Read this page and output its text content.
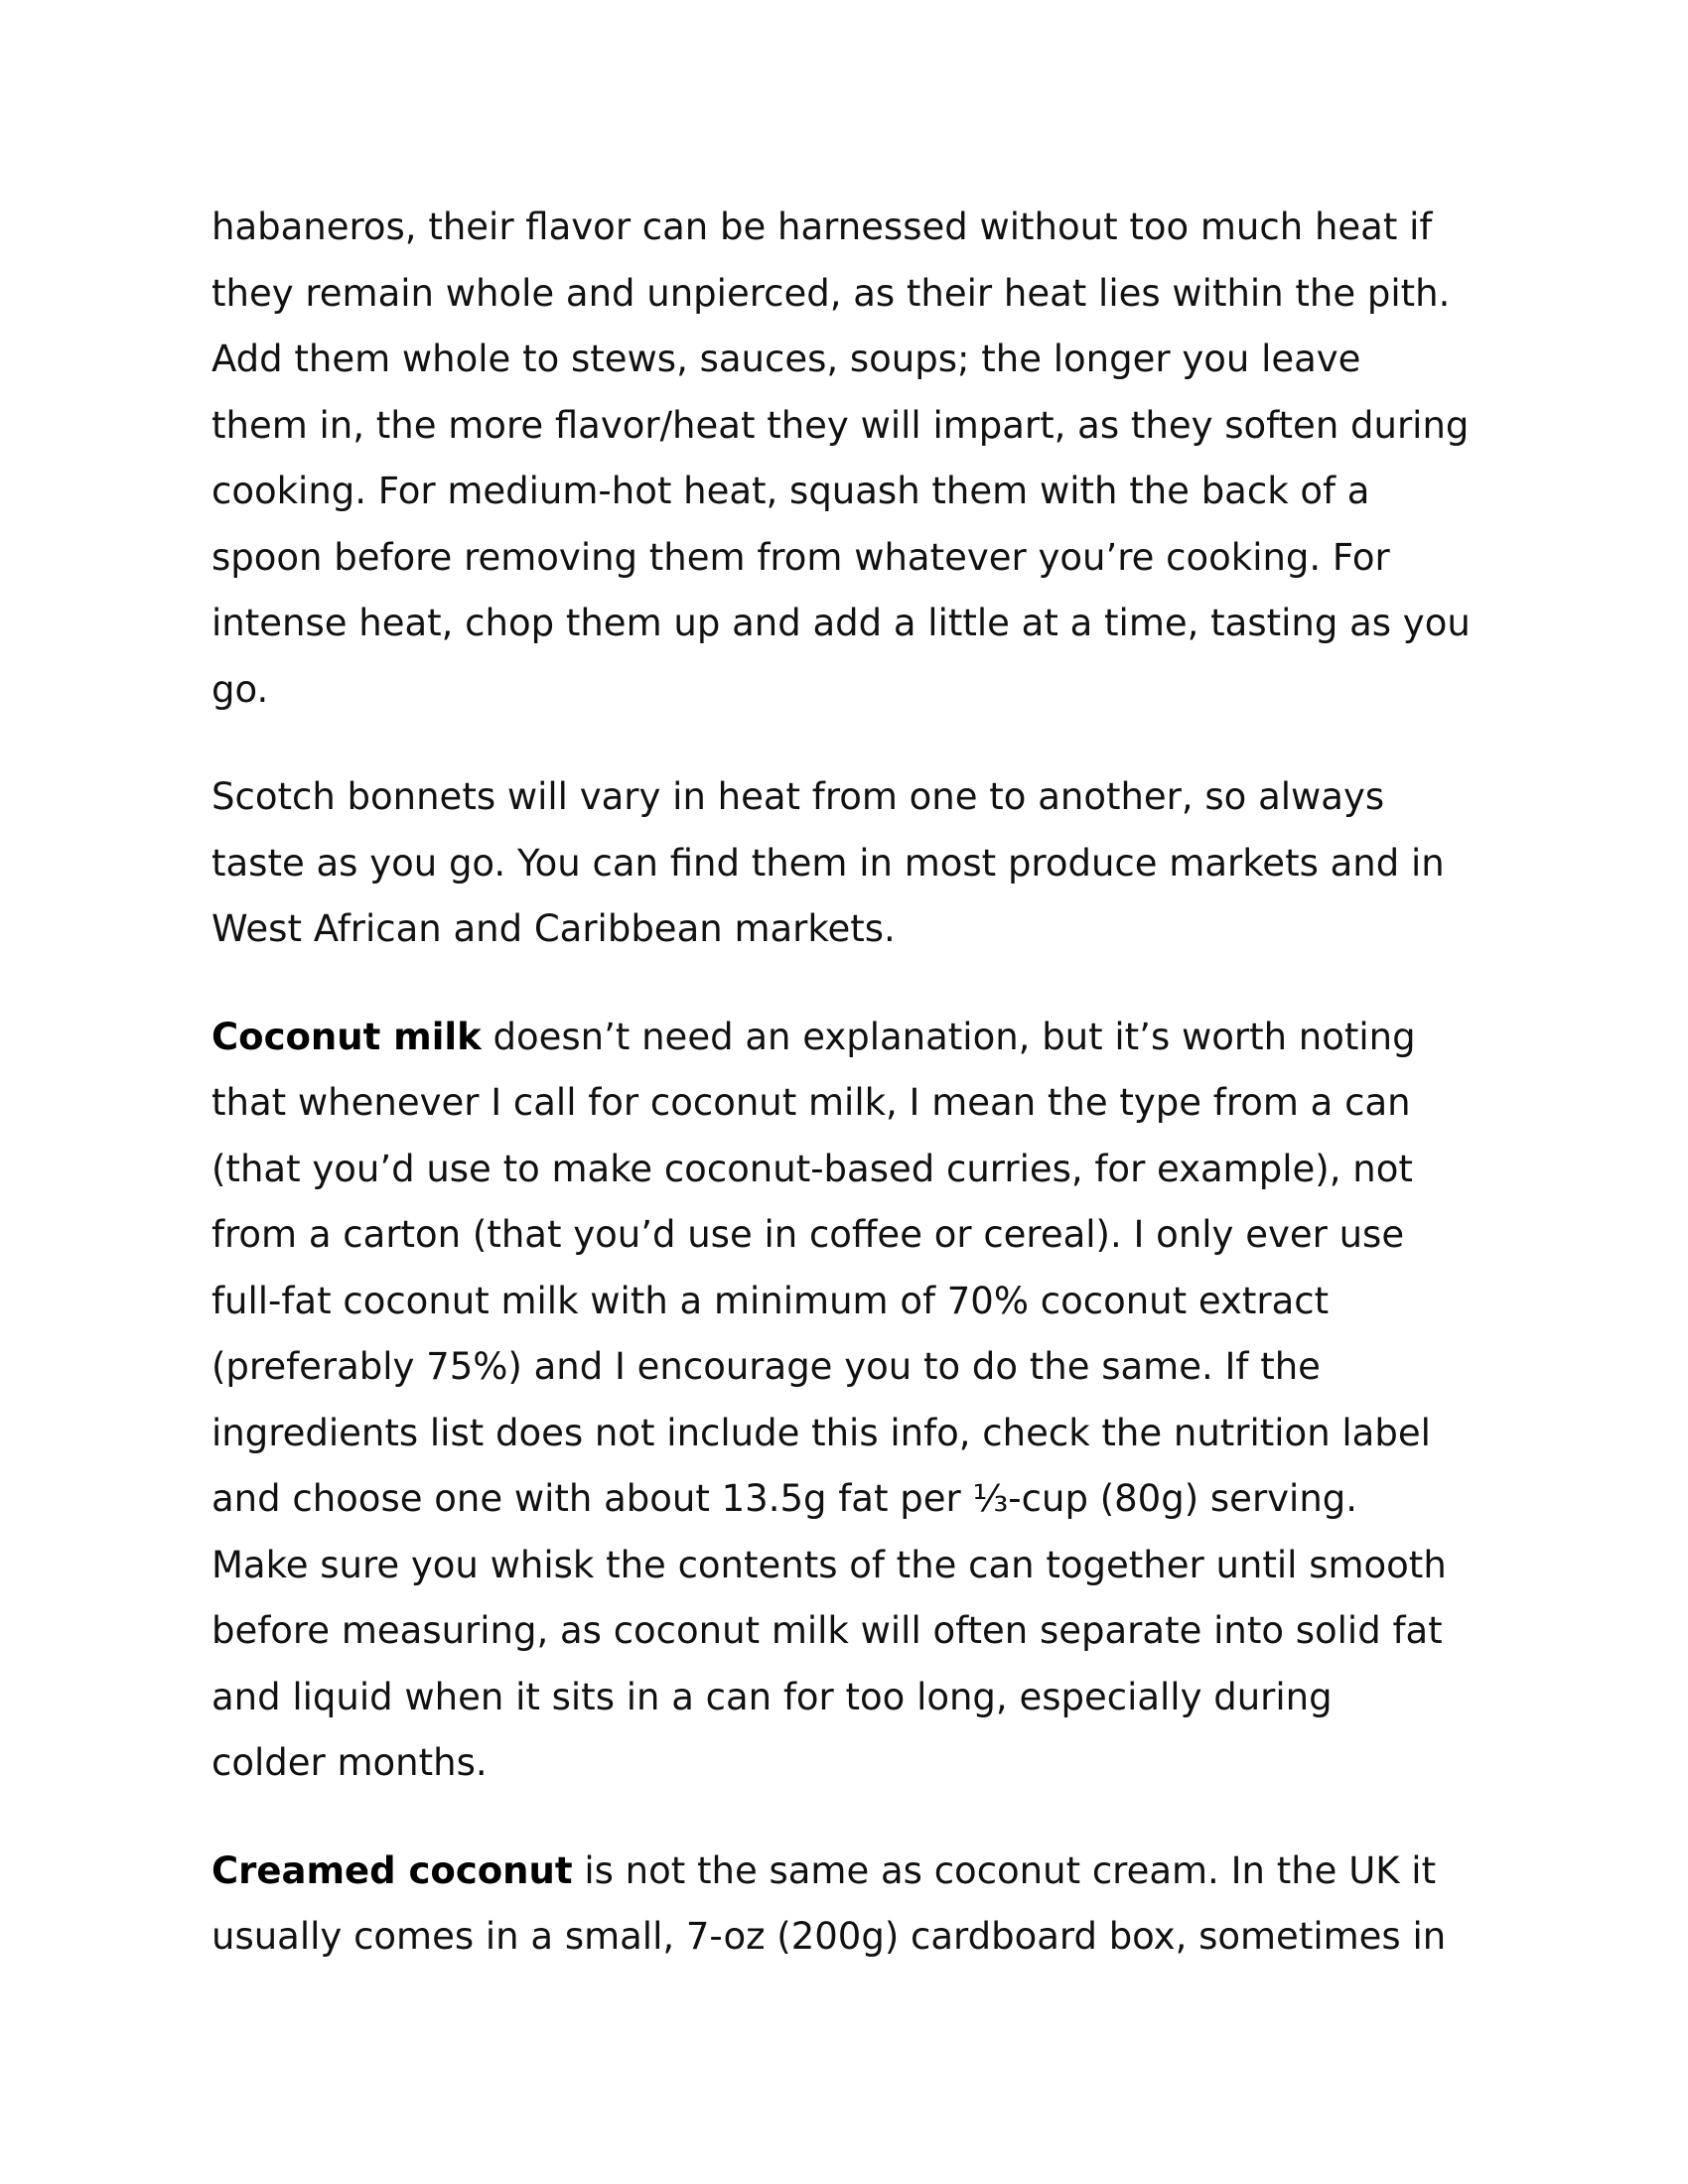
habaneros, their flavor can be harnessed without too much heat if
they remain whole and unpierced, as their heat lies within the pith.
Add them whole to stews, sauces, soups; the longer you leave
them in, the more flavor/heat they will impart, as they soften during
cooking. For medium-hot heat, squash them with the back of a
spoon before removing them from whatever you’re cooking. For
intense heat, chop them up and add a little at a time, tasting as you
go.

Scotch bonnets will vary in heat from one to another, so always
taste as you go. You can find them in most produce markets and in
West African and Caribbean markets.

Coconut milk doesn’t need an explanation, but it’s worth noting
that whenever I call for coconut milk, I mean the type from a can
(that you’d use to make coconut-based curries, for example), not
from a carton (that you’d use in coffee or cereal). I only ever use
full-fat coconut milk with a minimum of 70% coconut extract
(preferably 75%) and I encourage you to do the same. If the
ingredients list does not include this info, check the nutrition label
and choose one with about 13.5g fat per ⅓-cup (80g) serving.
Make sure you whisk the contents of the can together until smooth
before measuring, as coconut milk will often separate into solid fat
and liquid when it sits in a can for too long, especially during
colder months.

Creamed coconut is not the same as coconut cream. In the UK it
usually comes in a small, 7-oz (200g) cardboard box, sometimes in
